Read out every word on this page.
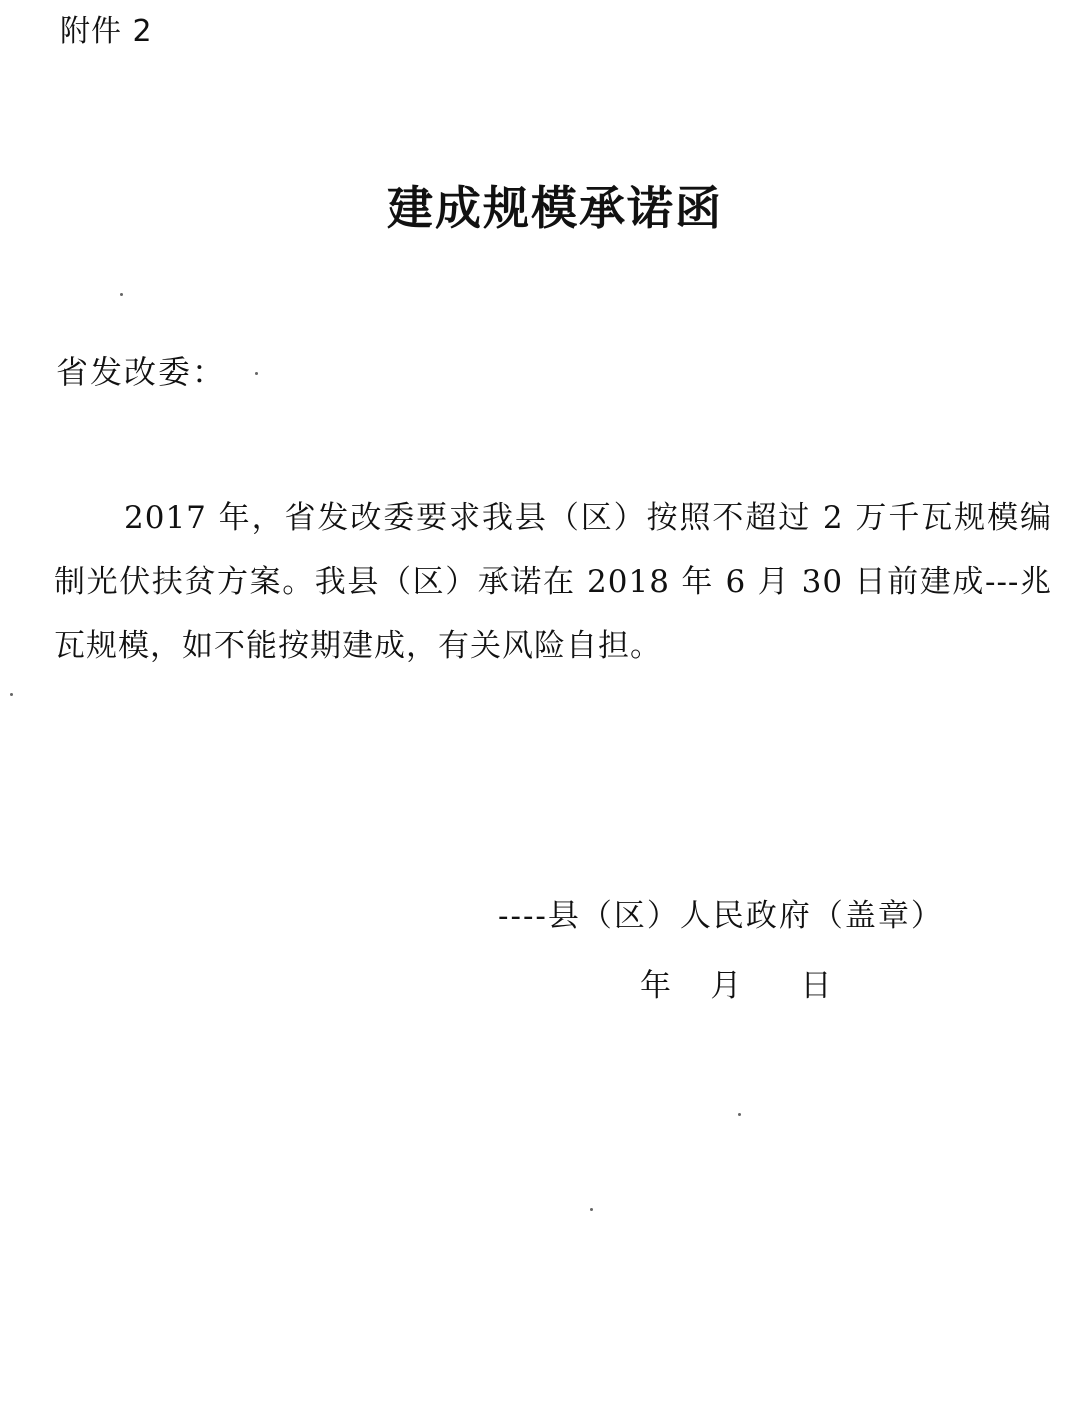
附件 2
建成规模承诺函
省发改委：
2017 年，省发改委要求我县（区）按照不超过 2 万千瓦规模编制光伏扶贫方案。我县（区）承诺在 2018 年 6 月 30 日前建成---兆瓦规模，如不能按期建成，有关风险自担。
----县（区）人民政府（盖章）
年    月      日
